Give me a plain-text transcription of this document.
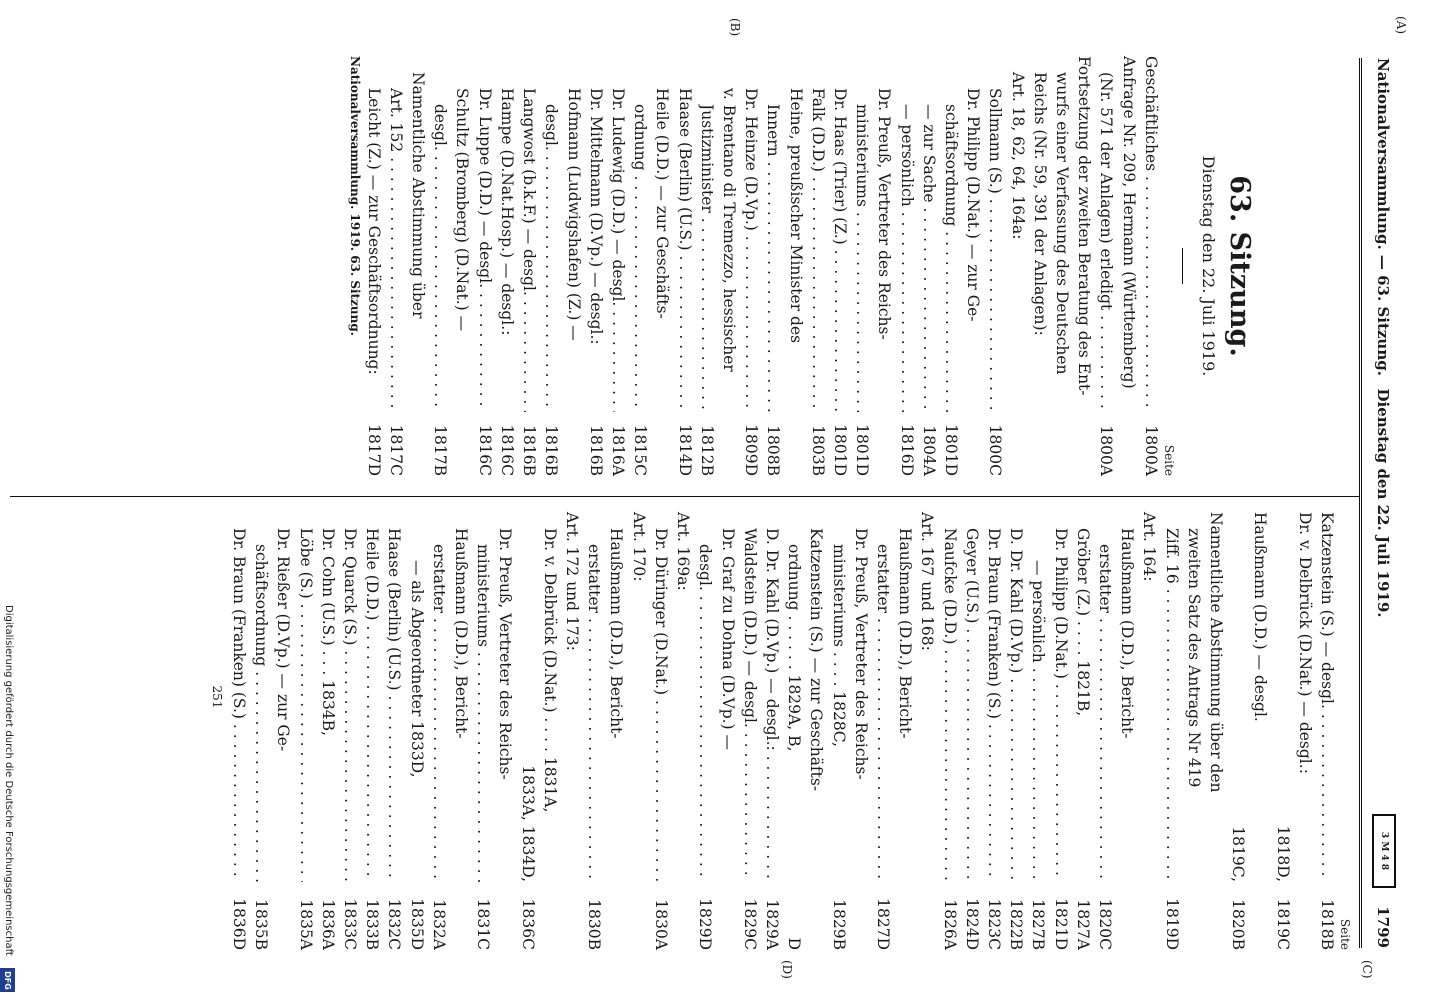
Nationalversammlung. — 63. Sitzung.
Dienstag den 22. Juli 1919.
3 M 4 8
1799
(A)
(B)
(C)
(D)
63. Sitzung.
Dienstag den 22. Juli 1919.
Seite
Geschäftliches . . .
1800A
Anfrage Nr. 209, Hermann (Württemberg)
(Nr. 571 der Anlagen) erledigt . . .
1800A
Fortsetzung der zweiten Beratung des Ent-
wurfs einer Verfassung des Deutschen
Reichs (Nr. 59, 391 der Anlagen):
Art. 18, 62, 64, 164a:
Sollmann (S.) . . .
1800C
Dr. Philipp (D.Nat.) — zur Ge-
schäftsordnung . . .
1801D
— zur Sache . . .
1804A
— persönlich . . .
1816D
Dr. Preuß, Vertreter des Reichs-
ministeriums . . .
1801D
Dr. Haas (Trier) (Z.) . . .
1801D
Falk (D.D.) . . .
1803B
Heine, preußischer Minister des
Innern . . .
1808B
Dr. Heinze (D.Vp.) . . .
1809D
v. Brentano di Tremezzo, hessischer
Justizminister . . .
1812B
Haase (Berlin) (U.S.) . . .
1814D
Heile (D.D.) — zur Geschäfts-
ordnung . . .
1815C
Dr. Ludewig (D.D.) — desgl. . . .
1816A
Dr. Mittelmann (D.Vp.) — desgl.:
1816B
Hofmann (Ludwigshafen) (Z.) —
desgl. . . .
1816B
Langwost (b.k.F.) — desgl. . . .
1816B
Hampe (D.Nat.Hosp.) — desgl.:
1816C
Dr. Luppe (D.D.) — desgl. . . .
1816C
Schultz (Bromberg) (D.Nat.) —
desgl. . . .
1817B
Namentliche Abstimmung über
Art. 152 . . .
1817C
Leicht (Z.) — zur Geschäftsordnung:
1817D
Nationalversammlung. 1919. 63. Sitzung.
Seite
Katzenstein (S.) — desgl. . . .
1818B
Dr. v. Delbrück (D.Nat.) — desgl.:
1818D,
1819C
Haußmann (D.D.) — desgl.
1819C,
1820B
Namentliche Abstimmung über den
zweiten Satz des Antrags Nr 419
Ziff. 16 . . .
1819D
Art. 164:
Haußmann (D.D.), Bericht-
erstatter . . .
1820C
Gröber (Z.) . . . . 1821B,
1827A
Dr. Philipp (D.Nat.) . . .
1821D
— persönlich . . .
1827B
D. Dr. Kahl (D.Vp.) . . .
1822B
Dr. Braun (Franken) (S.) . . .
1823C
Geyer (U.S.) . . .
1824D
Naufcke (D.D.) . . .
1826A
Art. 167 und 168:
Haußmann (D.D.), Bericht-
erstatter . . .
1827D
Dr. Preuß, Vertreter des Reichs-
ministeriums . . . . 1828C,
1829B
Katzenstein (S.) — zur Geschäfts-
ordnung . . . . . . 1829A, B,
D
D. Dr. Kahl (D.Vp.) — desgl.: . . .
1829A
Waldstein (D.D.) — desgl. . . .
1829C
Dr. Graf zu Dohna (D.Vp.) —
desgl. . . .
1829D
Art. 169a:
Dr. Düringer (D.Nat.) . . .
1830A
Art. 170:
Haußmann (D.D.), Bericht-
erstatter . . .
1830B
Art. 172 und 173:
Dr. v. Delbrück (D.Nat.) . . . . 1831A,
1833A, 1834D,
1836C
Dr. Preuß, Vertreter des Reichs-
ministeriums . . .
1831C
Haußmann (D.D.), Bericht-
erstatter . . .
1832A
— als Abgeordneter 1833D,
1835D
Haase (Berlin) (U.S.) . . .
1832C
Heile (D.D.) . . .
1833B
Dr. Quarck (S.) . . .
1833C
Dr. Cohn (U.S.) . . . 1834B,
1836A
Löbe (S.) . . .
1835A
Dr. Rießer (D.Vp.) — zur Ge-
schäftsordnung . . .
1835B
Dr. Braun (Franken) (S.) . . .
1836D
251
Digitalisierung gefördert durch die Deutsche Forschungsgemeinschaft
DFG
